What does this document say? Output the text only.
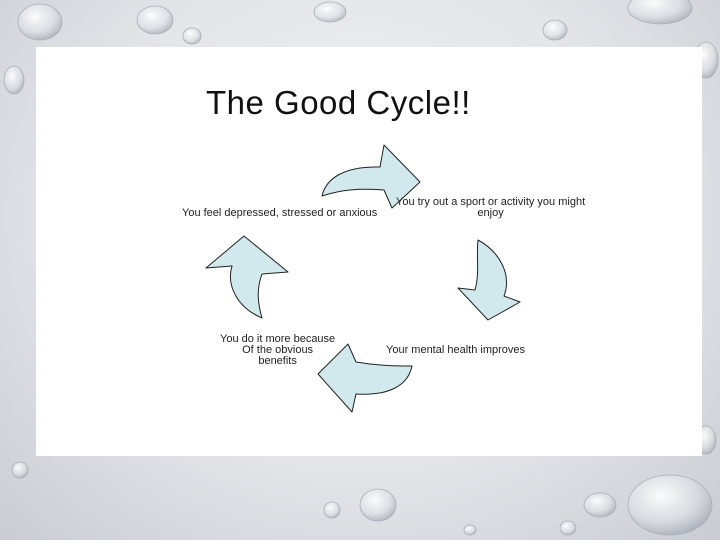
The Good Cycle!!
You try out a sport or activity you might
enjoy
Your mental health improves
You do it more because
Of the obvious
benefits
You feel depressed, stressed or anxious
